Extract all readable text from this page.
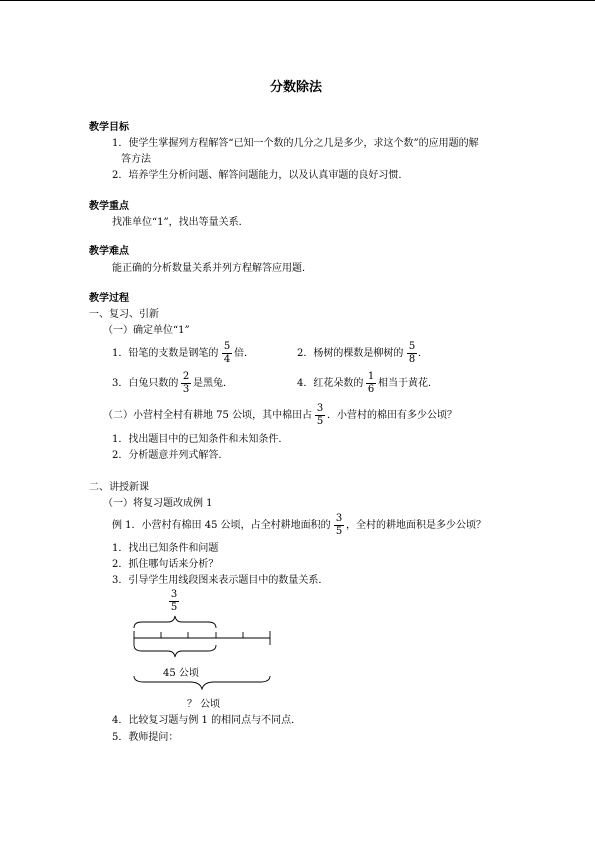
分数除法
教学目标
1．使学生掌握列方程解答“已知一个数的几分之几是多少，求这个数”的应用题的解
答方法
2．培养学生分析问题、解答问题能力，以及认真审题的良好习惯．
教学重点
找准单位“1”，找出等量关系．
教学难点
能正确的分析数量关系并列方程解答应用题．
教学过程
一、复习、引新
（一）确定单位“1”
1．铅笔的支数是钢笔的
5
4
倍．	2．杨树的棵数是柳树的
5
8
．
3．白兔只数的
2
3
是黑兔．	4．红花朵数的
1
6
相当于黄花．
（二）小营村全村有耕地 75 公顷，其中棉田占
3
5
．小营村的棉田有多少公顷？
1．找出题目中的已知条件和未知条件．
2．分析题意并列式解答．
二、讲授新课
（一）将复习题改成例 1
例 1．小营村有棉田 45 公顷，占全村耕地面积的
3
5
，全村的耕地面积是多少公顷？
1．找出已知条件和问题
2．抓住哪句话来分析？
3．引导学生用线段图来表示题目中的数量关系．
3
5
45 公顷
？ 公顷
4．比较复习题与例 1 的相同点与不同点．
5．教师提问：
